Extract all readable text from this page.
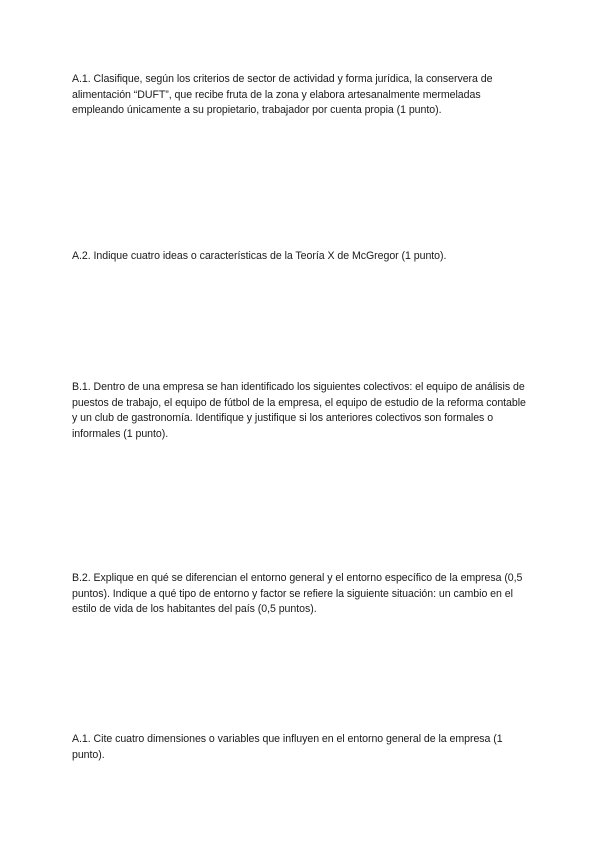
A.1. Clasifique, según los criterios de sector de actividad y forma jurídica, la conservera de alimentación “DUFT”, que recibe fruta de la zona y elabora artesanalmente mermeladas empleando únicamente a su propietario, trabajador por cuenta propia (1 punto).

A.2. Indique cuatro ideas o características de la Teoría X de McGregor (1 punto).

B.1. Dentro de una empresa se han identificado los siguientes colectivos: el equipo de análisis de puestos de trabajo, el equipo de fútbol de la empresa, el equipo de estudio de la reforma contable y un club de gastronomía. Identifique y justifique si los anteriores colectivos son formales o informales (1 punto).

B.2. Explique en qué se diferencian el entorno general y el entorno específico de la empresa (0,5 puntos). Indique a qué tipo de entorno y factor se refiere la siguiente situación: un cambio en el estilo de vida de los habitantes del país (0,5 puntos).

A.1. Cite cuatro dimensiones o variables que influyen en el entorno general de la empresa (1 punto).
